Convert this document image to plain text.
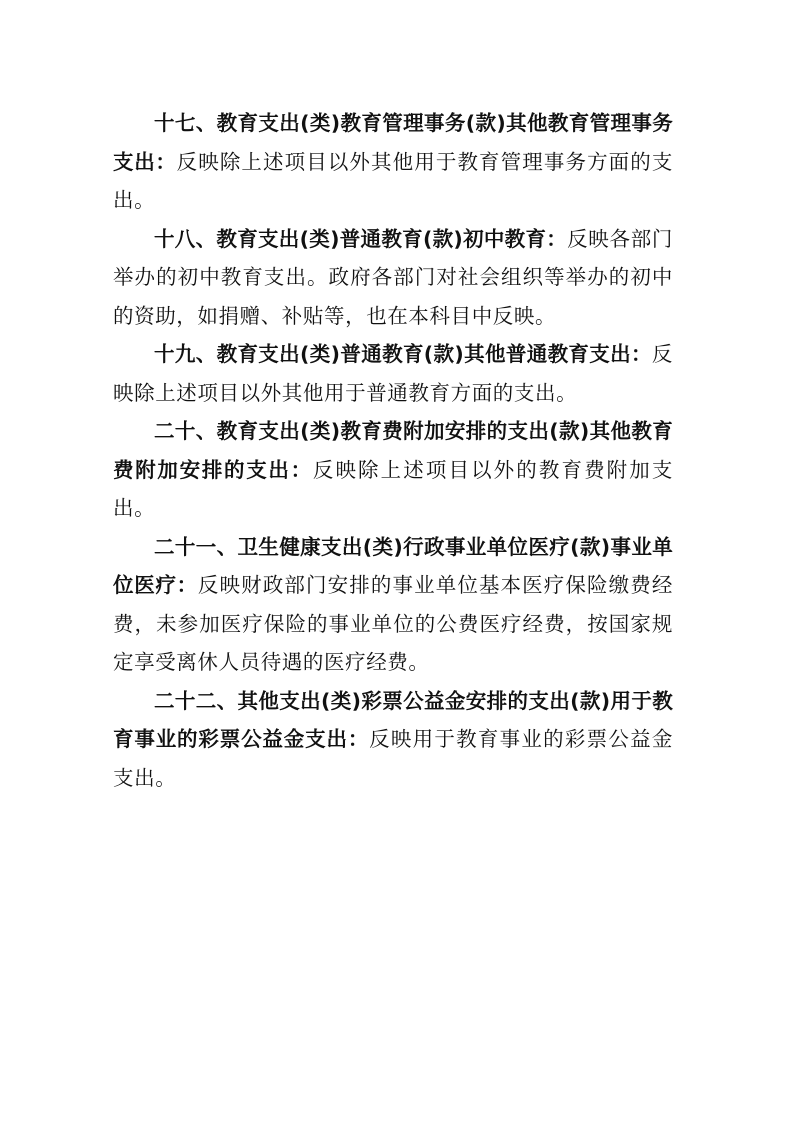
十七、教育支出(类)教育管理事务(款)其他教育管理事务支出：反映除上述项目以外其他用于教育管理事务方面的支出。

十八、教育支出(类)普通教育(款)初中教育：反映各部门举办的初中教育支出。政府各部门对社会组织等举办的初中的资助，如捐赠、补贴等，也在本科目中反映。

十九、教育支出(类)普通教育(款)其他普通教育支出：反映除上述项目以外其他用于普通教育方面的支出。

二十、教育支出(类)教育费附加安排的支出(款)其他教育费附加安排的支出：反映除上述项目以外的教育费附加支出。

二十一、卫生健康支出(类)行政事业单位医疗(款)事业单位医疗：反映财政部门安排的事业单位基本医疗保险缴费经费，未参加医疗保险的事业单位的公费医疗经费，按国家规定享受离休人员待遇的医疗经费。

二十二、其他支出(类)彩票公益金安排的支出(款)用于教育事业的彩票公益金支出：反映用于教育事业的彩票公益金支出。
